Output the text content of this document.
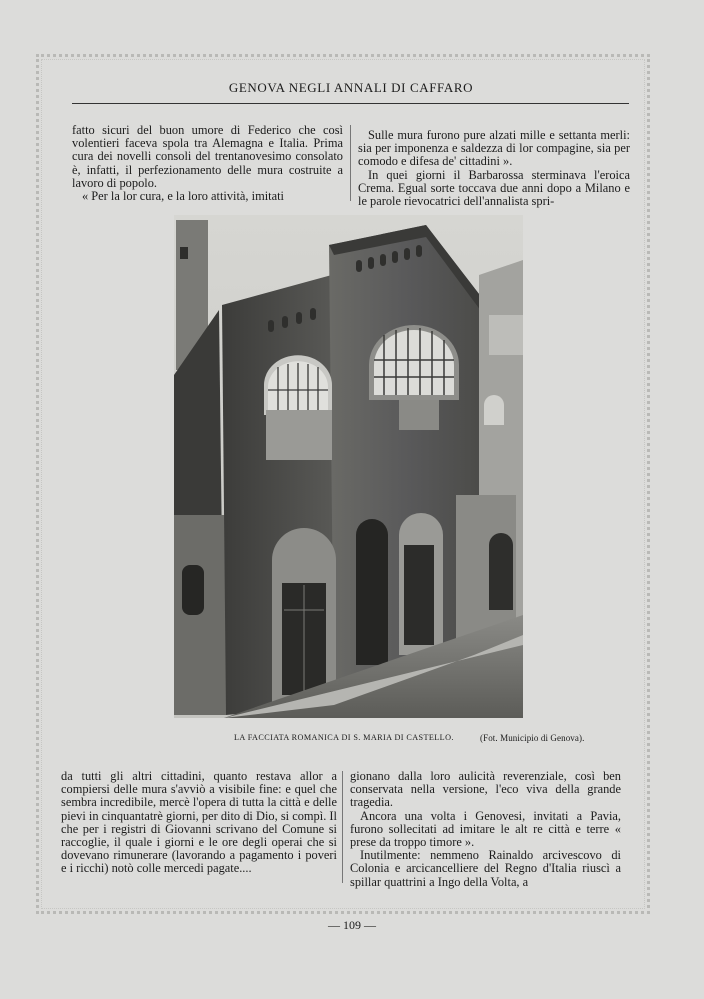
GENOVA NEGLI ANNALI DI CAFFARO

fatto sicuri del buon umore di Federico che così volentieri faceva spola tra Alemagna e Italia. Prima cura dei novelli consoli del trentanovesimo consolato è, infatti, il perfezionamento delle mura costruite a lavoro di popolo.

« Per la lor cura, e la loro attività, imitati

Sulle mura furono pure alzati mille e settanta merli: sia per imponenza e saldezza di lor compagine, sia per comodo e difesa de' cittadini ».

In quei giorni il Barbarossa sterminava l'eroica Crema. Egual sorte toccava due anni dopo a Milano e le parole rievocatrici dell'annalista spri-

LA FACCIATA ROMANICA DI S. MARIA DI CASTELLO.	(Fot. Municipio di Genova).

da tutti gli altri cittadini, quanto restava allor a compiersi delle mura s'avviò a visibile fine: e quel che sembra incredibile, mercè l'opera di tutta la città e delle pievi in cinquantatrè giorni, per dito di Dio, si compì. Il che per i registri di Giovanni scrivano del Comune si raccoglie, il quale i giorni e le ore degli operai che si dovevano rimunerare (lavorando a pagamento i poveri e i ricchi) notò colle mercedi pagate....

gionano dalla loro aulicità reverenziale, così ben conservata nella versione, l'eco viva della grande tragedia.

Ancora una volta i Genovesi, invitati a Pavia, furono sollecitati ad imitare le alt re città e terre « prese da troppo timore ».

Inutilmente: nemmeno Rainaldo arcivescovo di Colonia e arcicancelliere del Regno d'Italia riuscì a spillar quattrini a Ingo della Volta, a

— 109 —
